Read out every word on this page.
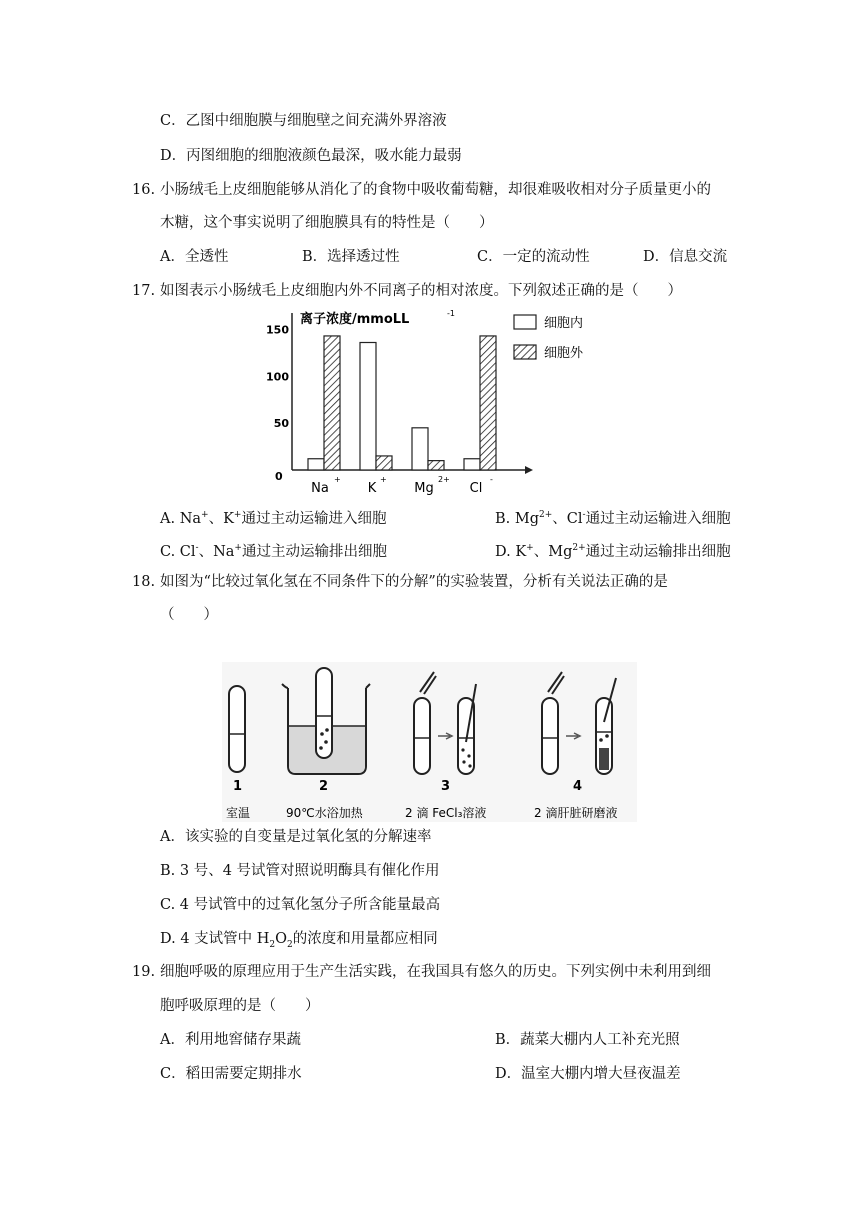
C．乙图中细胞膜与细胞壁之间充满外界溶液
D．丙图细胞的细胞液颜色最深，吸水能力最弱
16. 小肠绒毛上皮细胞能够从消化了的食物中吸收葡萄糖，却很难吸收相对分子质量更小的
木糖，这个事实说明了细胞膜具有的特性是（　　）
A．全透性	B．选择透过性	C．一定的流动性	D．信息交流
17. 如图表示小肠绒毛上皮细胞内外不同离子的相对浓度。下列叙述正确的是（　　）
离子浓度/mmoLL	-1
0
50
100
150
Na
+
K
+
Mg
2+
Cl
-
细胞内
细胞外
A. Na+、K+通过主动运输进入细胞	B. $Mg^{2+}$、Cl-通过主动运输进入细胞
C. Cl-、Na+通过主动运输排出细胞	D. K+、$Mg^{2+}$通过主动运输排出细胞
18. 如图为“比较过氧化氢在不同条件下的分解”的实验装置，分析有关说法正确的是
（　　）
1
室温
2
90℃水浴加热
3
2 滴 FeCl₃溶液
4
2 滴肝脏研磨液
A．该实验的自变量是过氧化氢的分解速率
B. 3 号、4 号试管对照说明酶具有催化作用
C. 4 号试管中的过氧化氢分子所含能量最高
D. 4 支试管中 $H_2O_2$的浓度和用量都应相同
19. 细胞呼吸的原理应用于生产生活实践，在我国具有悠久的历史。下列实例中未利用到细
胞呼吸原理的是（　　）
A．利用地窖储存果蔬	B．蔬菜大棚内人工补充光照
C．稻田需要定期排水	D．温室大棚内增大昼夜温差
